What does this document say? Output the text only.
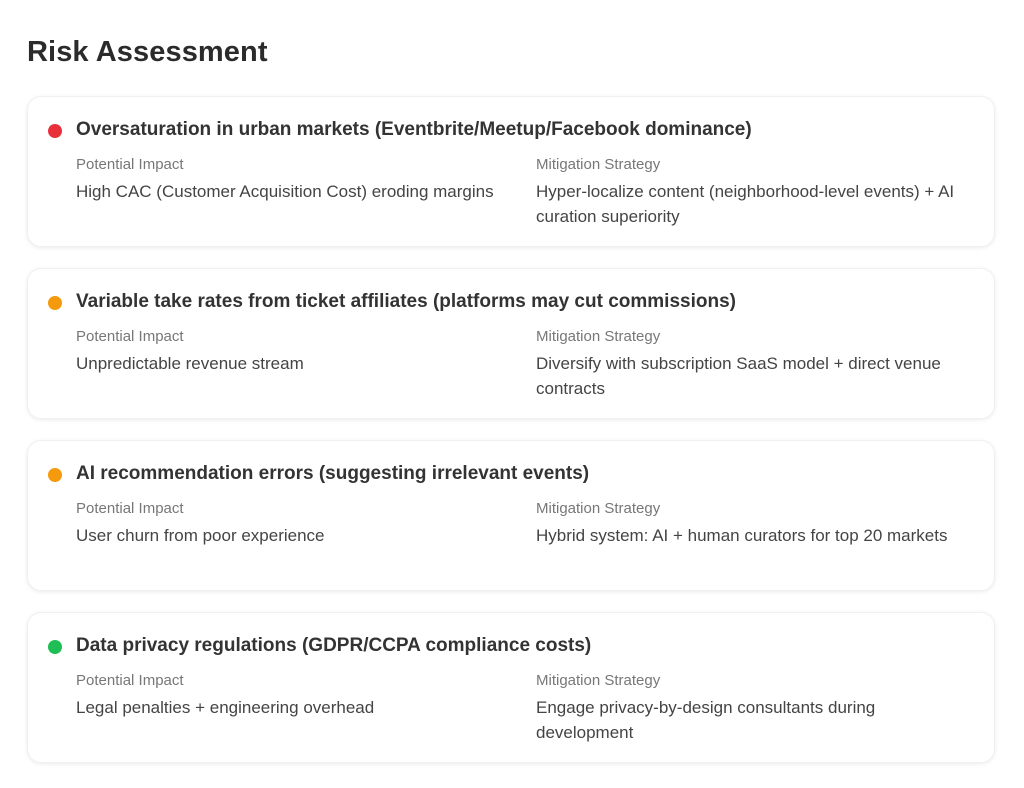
Risk Assessment
Oversaturation in urban markets (Eventbrite/Meetup/Facebook dominance)
Potential Impact
High CAC (Customer Acquisition Cost) eroding margins
Mitigation Strategy
Hyper-localize content (neighborhood-level events) + AI curation superiority
Variable take rates from ticket affiliates (platforms may cut commissions)
Potential Impact
Unpredictable revenue stream
Mitigation Strategy
Diversify with subscription SaaS model + direct venue contracts
AI recommendation errors (suggesting irrelevant events)
Potential Impact
User churn from poor experience
Mitigation Strategy
Hybrid system: AI + human curators for top 20 markets
Data privacy regulations (GDPR/CCPA compliance costs)
Potential Impact
Legal penalties + engineering overhead
Mitigation Strategy
Engage privacy-by-design consultants during development
